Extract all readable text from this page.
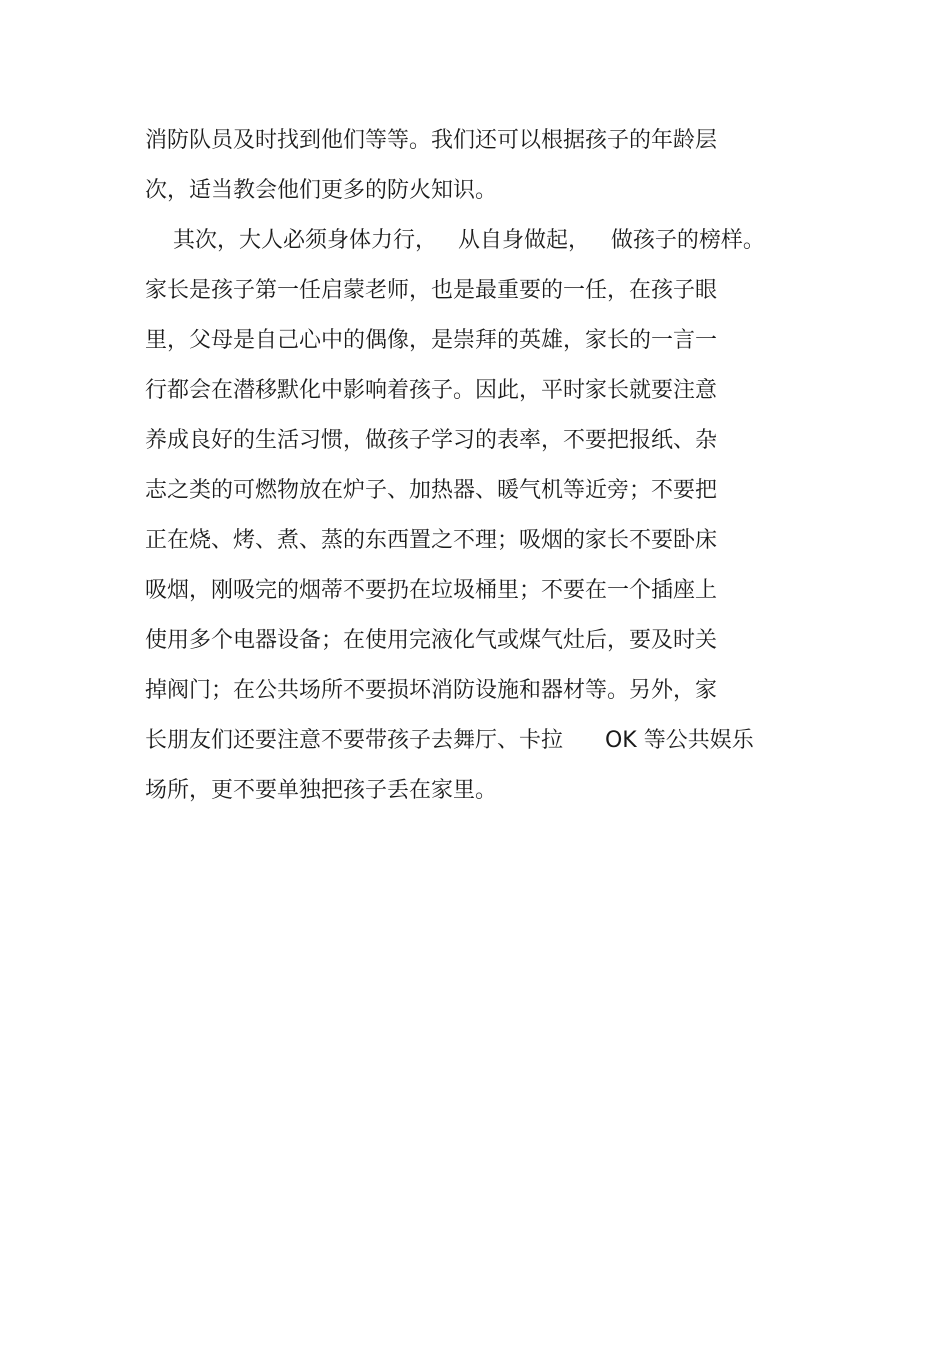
消防队员及时找到他们等等。我们还可以根据孩子的年龄层
次，适当教会他们更多的防火知识。
其次，大人必须身体力行，   从自身做起，   做孩子的榜样。
家长是孩子第一任启蒙老师，也是最重要的一任，在孩子眼
里，父母是自己心中的偶像，是崇拜的英雄，家长的一言一
行都会在潜移默化中影响着孩子。因此，平时家长就要注意
养成良好的生活习惯，做孩子学习的表率，不要把报纸、杂
志之类的可燃物放在炉子、加热器、暖气机等近旁；不要把
正在烧、烤、煮、蒸的东西置之不理；吸烟的家长不要卧床
吸烟，刚吸完的烟蒂不要扔在垃圾桶里；不要在一个插座上
使用多个电器设备；在使用完液化气或煤气灶后，要及时关
掉阀门；在公共场所不要损坏消防设施和器材等。另外，家
长朋友们还要注意不要带孩子去舞厅、卡拉      OK 等公共娱乐
场所，更不要单独把孩子丢在家里。
